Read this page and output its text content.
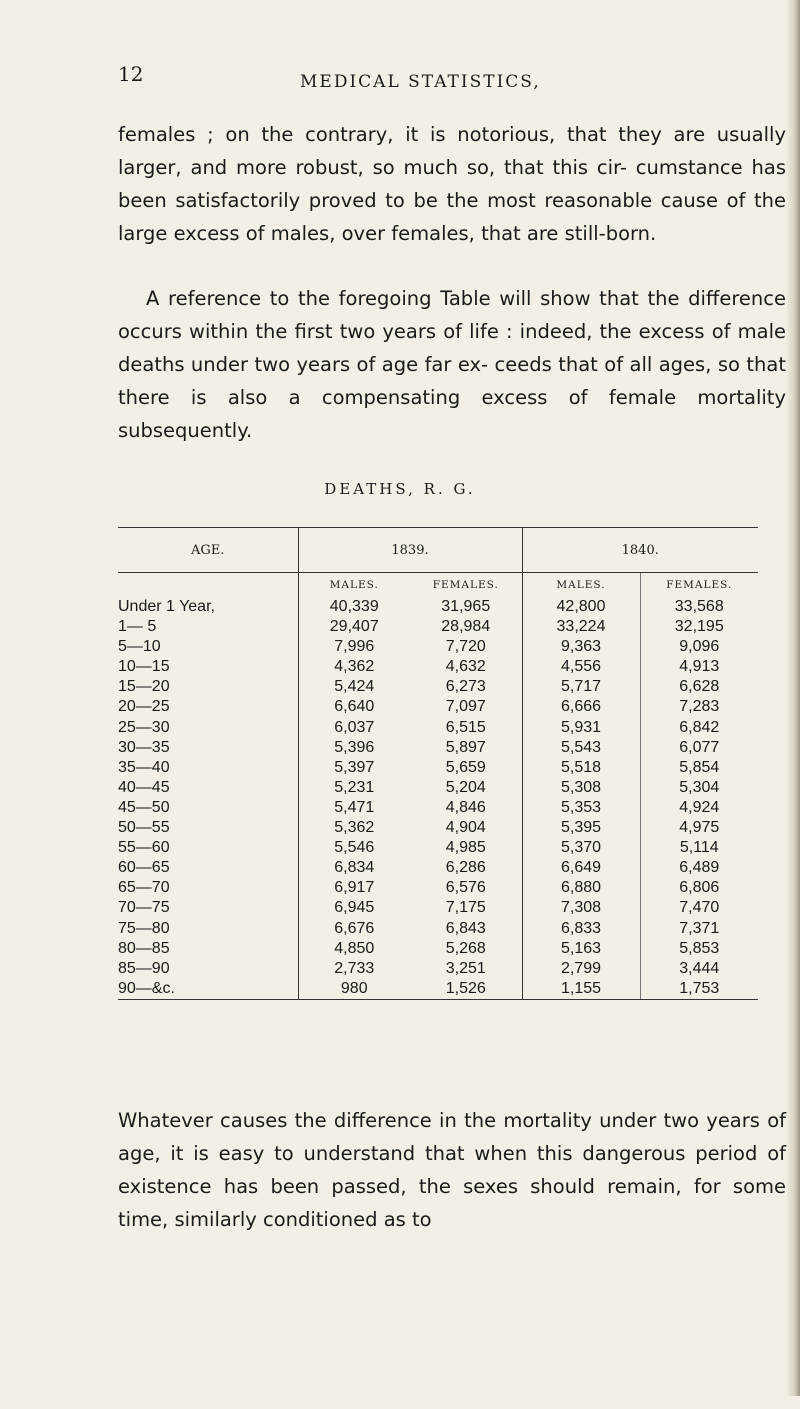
12	MEDICAL STATISTICS,

females ; on the contrary, it is notorious, that they are usually larger, and more robust, so much so, that this cir- cumstance has been satisfactorily proved to be the most reasonable cause of the large excess of males, over females, that are still-born.

A reference to the foregoing Table will show that the difference occurs within the first two years of life : indeed, the excess of male deaths under two years of age far ex- ceeds that of all ages, so that there is also a compensating excess of female mortality subsequently.

DEATHS, R. G.
AGE.	1839.		1840.	
	MALES.	FEMALES.	MALES.	FEMALES.
Under 1 Year,	40,339	31,965	42,800	33,568
1— 5	29,407	28,984	33,224	32,195
5—10	7,996	7,720	9,363	9,096
10—15	4,362	4,632	4,556	4,913
15—20	5,424	6,273	5,717	6,628
20—25	6,640	7,097	6,666	7,283
25—30	6,037	6,515	5,931	6,842
30—35	5,396	5,897	5,543	6,077
35—40	5,397	5,659	5,518	5,854
40—45	5,231	5,204	5,308	5,304
45—50	5,471	4,846	5,353	4,924
50—55	5,362	4,904	5,395	4,975
55—60	5,546	4,985	5,370	5,114
60—65	6,834	6,286	6,649	6,489
65—70	6,917	6,576	6,880	6,806
70—75	6,945	7,175	7,308	7,470
75—80	6,676	6,843	6,833	7,371
80—85	4,850	5,268	5,163	5,853
85—90	2,733	3,251	2,799	3,444
90—&c.	980	1,526	1,155	1,753

Whatever causes the difference in the mortality under two years of age, it is easy to understand that when this dangerous period of existence has been passed, the sexes should remain, for some time, similarly conditioned as to
